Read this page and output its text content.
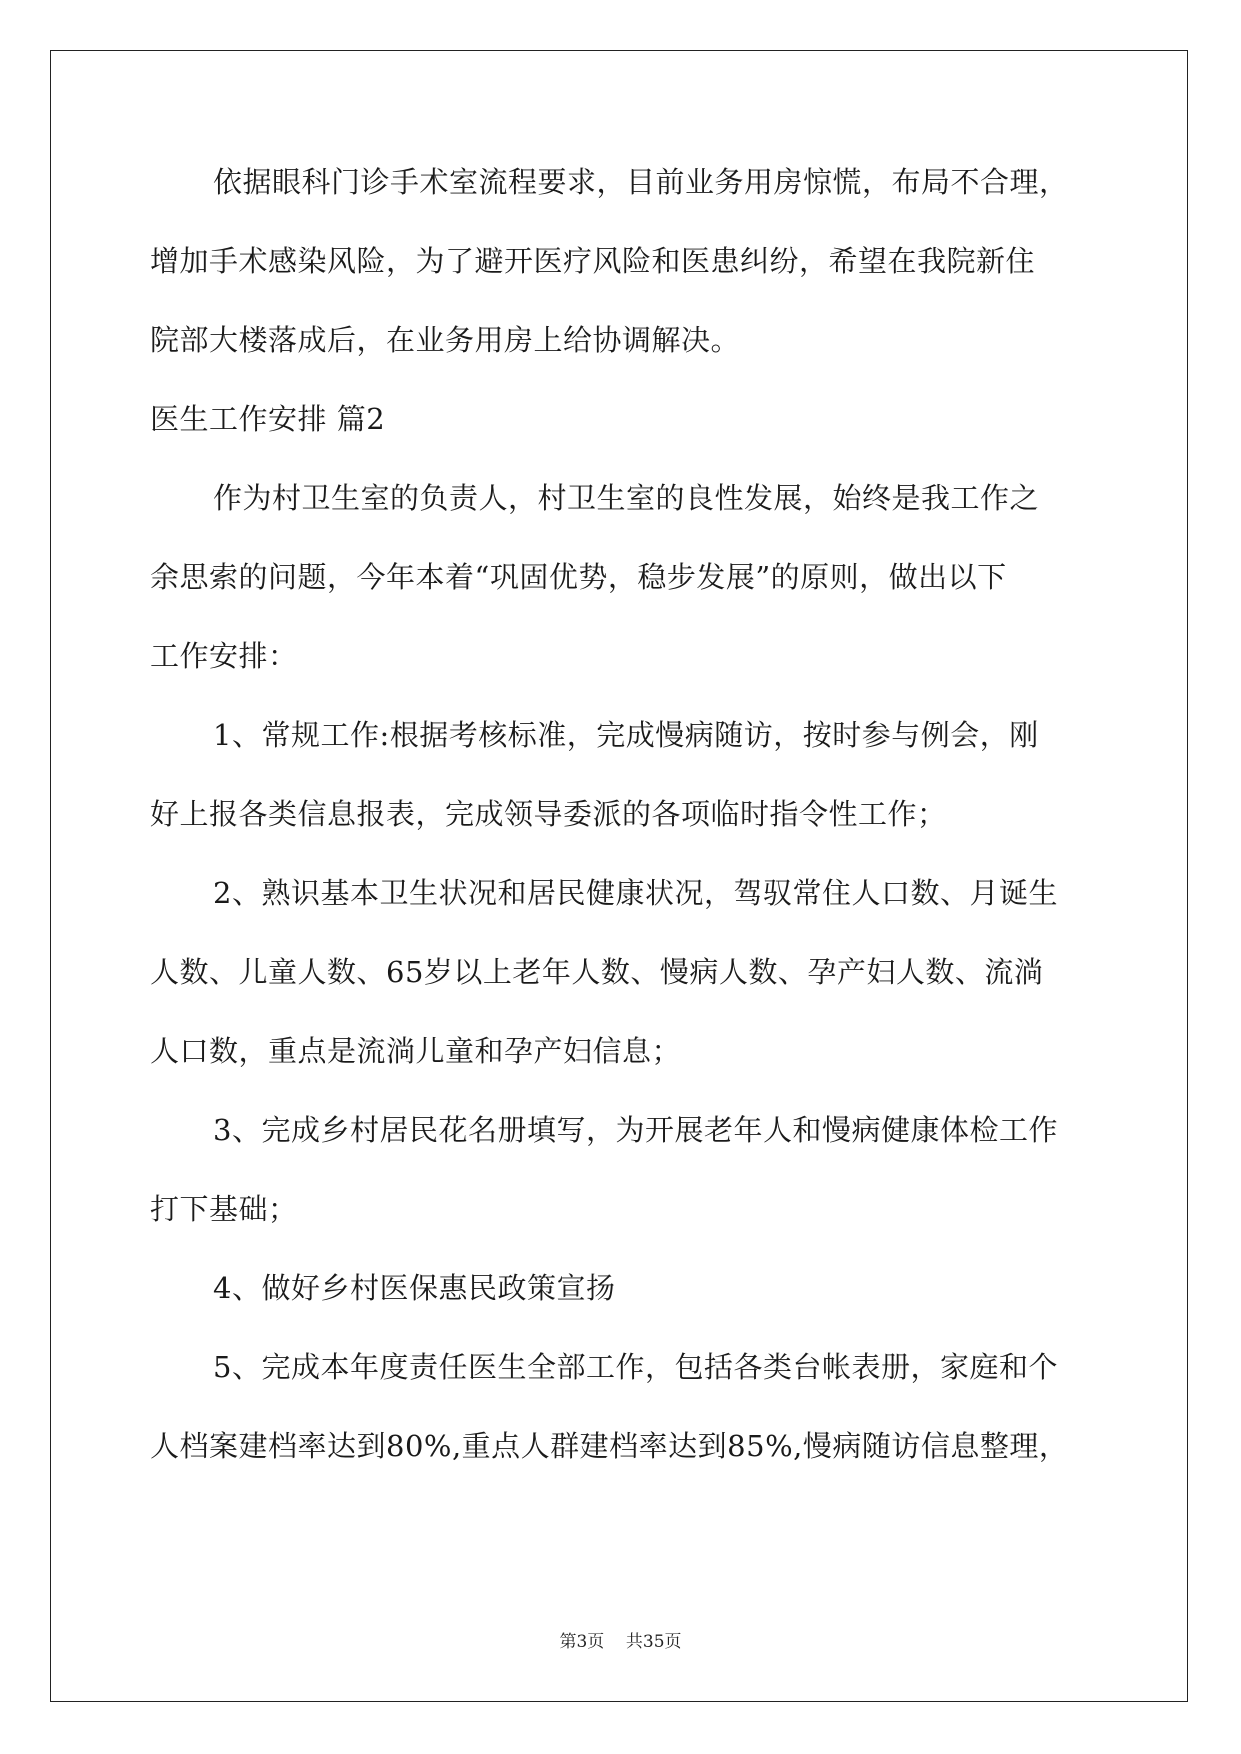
依据眼科门诊手术室流程要求，目前业务用房惊慌，布局不合理，
增加手术感染风险，为了避开医疗风险和医患纠纷，希望在我院新住
院部大楼落成后，在业务用房上给协调解决。
医生工作安排 篇2
作为村卫生室的负责人，村卫生室的良性发展，始终是我工作之
余思索的问题，今年本着“巩固优势，稳步发展”的原则，做出以下
工作安排：
1、常规工作:根据考核标准，完成慢病随访，按时参与例会，刚
好上报各类信息报表，完成领导委派的各项临时指令性工作；
2、熟识基本卫生状况和居民健康状况，驾驭常住人口数、月诞生
人数、儿童人数、65岁以上老年人数、慢病人数、孕产妇人数、流淌
人口数，重点是流淌儿童和孕产妇信息；
3、完成乡村居民花名册填写，为开展老年人和慢病健康体检工作
打下基础；
4、做好乡村医保惠民政策宣扬
5、完成本年度责任医生全部工作，包括各类台帐表册，家庭和个
人档案建档率达到80%,重点人群建档率达到85%,慢病随访信息整理，
第3页    共35页
